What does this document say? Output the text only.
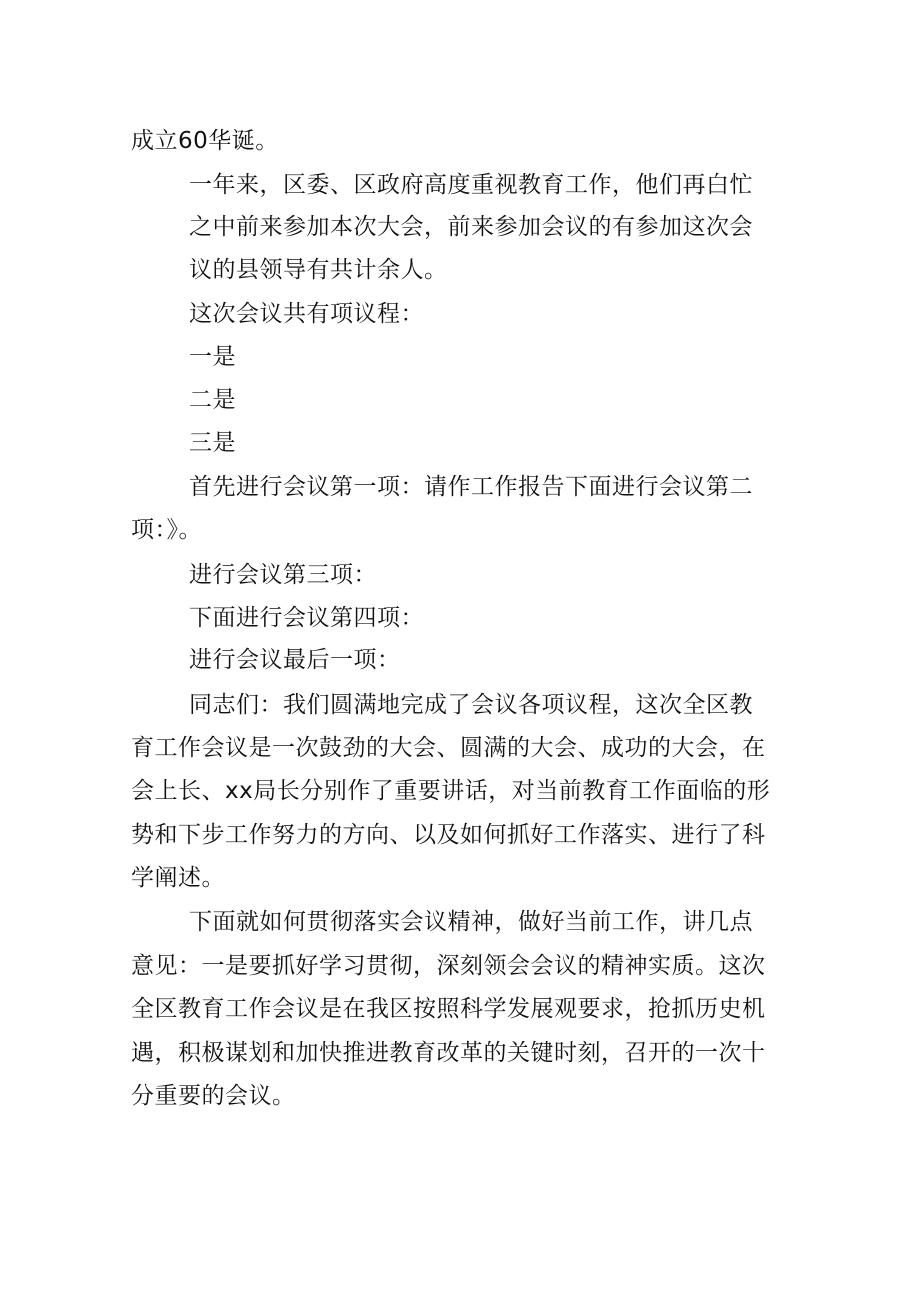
成立60华诞。
一年来，区委、区政府高度重视教育工作，他们再白忙
之中前来参加本次大会，前来参加会议的有参加这次会
议的县领导有共计余人。
这次会议共有项议程：
一是
二是
三是
首先进行会议第一项：请作工作报告下面进行会议第二
项：》。
进行会议第三项：
下面进行会议第四项：
进行会议最后一项：
同志们：我们圆满地完成了会议各项议程，这次全区教
育工作会议是一次鼓劲的大会、圆满的大会、成功的大会，在
会上长、xx局长分别作了重要讲话，对当前教育工作面临的形
势和下步工作努力的方向、以及如何抓好工作落实、进行了科
学阐述。
下面就如何贯彻落实会议精神，做好当前工作，讲几点
意见：一是要抓好学习贯彻，深刻领会会议的精神实质。这次
全区教育工作会议是在我区按照科学发展观要求，抢抓历史机
遇，积极谋划和加快推进教育改革的关键时刻，召开的一次十
分重要的会议。
